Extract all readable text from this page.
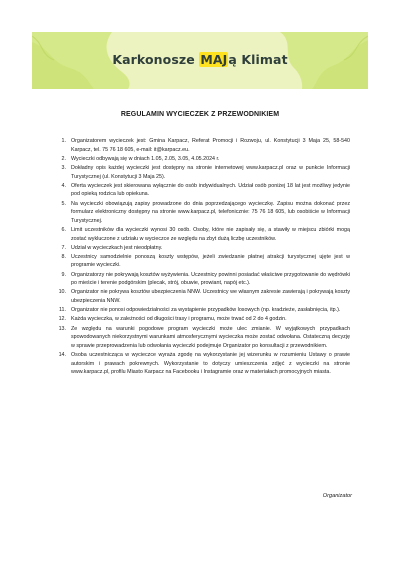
Karkonosze MAJą Klimat
REGULAMIN WYCIECZEK Z PRZEWODNIKIEM
1. Organizatorem wycieczek jest: Gmina Karpacz, Referat Promocji i Rozwoju, ul. Konstytucji 3 Maja 25, 58-540 Karpacz, tel. 75 76 18 605, e-mail: it@karpacz.eu.
2. Wycieczki odbywają się w dniach 1.05, 2.05, 3.05, 4.05.2024 r.
3. Dokładny opis każdej wycieczki jest dostępny na stronie internetowej www.karpacz.pl oraz w punkcie Informacji Turystycznej (ul. Konstytucji 3 Maja 25).
4. Oferta wycieczek jest skierowana wyłącznie do osób indywidualnych. Udział osób poniżej 18 lat jest możliwy jedynie pod opieką rodzica lub opiekuna.
5. Na wycieczki obowiązują zapisy prowadzone do dnia poprzedzającego wycieczkę. Zapisu można dokonać przez formularz elektroniczny dostępny na stronie www.karpacz.pl, telefonicznie: 75 76 18 605, lub osobiście w Informacji Turystycznej.
6. Limit uczestników dla wycieczki wynosi 30 osób. Osoby, które nie zapisały się, a stawiły w miejscu zbiórki mogą zostać wykluczone z udziału w wycieczce ze względu na zbyt dużą liczbę uczestników.
7. Udział w wycieczkach jest nieodpłatny.
8. Uczestnicy samodzielnie ponoszą koszty wstępów, jeżeli zwiedzanie płatnej atrakcji turystycznej ujęte jest w programie wycieczki.
9. Organizatorzy nie pokrywają kosztów wyżywienia. Uczestnicy powinni posiadać właściwe przygotowanie do wędrówki po mieście i terenie podgórskim (plecak, strój, obuwie, prowiant, napój etc.).
10. Organizator nie pokrywa kosztów ubezpieczenia NNW. Uczestnicy we własnym zakresie zawierają i pokrywają koszty ubezpieczenia NNW.
11. Organizator nie ponosi odpowiedzialności za wystąpienie przypadków losowych (np. kradzieże, zasłabnięcia, itp.).
12. Każda wycieczka, w zależności od długości trasy i programu, może trwać od 2 do 4 godzin.
13. Ze względu na warunki pogodowe program wycieczki może ulec zmianie. W wyjątkowych przypadkach spowodowanych niekorzystnymi warunkami atmosferycznymi wycieczka może zostać odwołana. Ostateczną decyzję w sprawie przeprowadzenia lub odwołania wycieczki podejmuje Organizator po konsultacji z przewodnikiem.
14. Osoba uczestnicząca w wycieczce wyraża zgodę na wykorzystanie jej wizerunku w rozumieniu Ustawy o prawie autorskim i prawach pokrewnych. Wykorzystanie to dotyczy umieszczenia zdjęć z wycieczki na stronie www.karpacz.pl, profilu Miasto Karpacz na Facebooku i Instagramie oraz w materiałach promocyjnych miasta.
Organizator
